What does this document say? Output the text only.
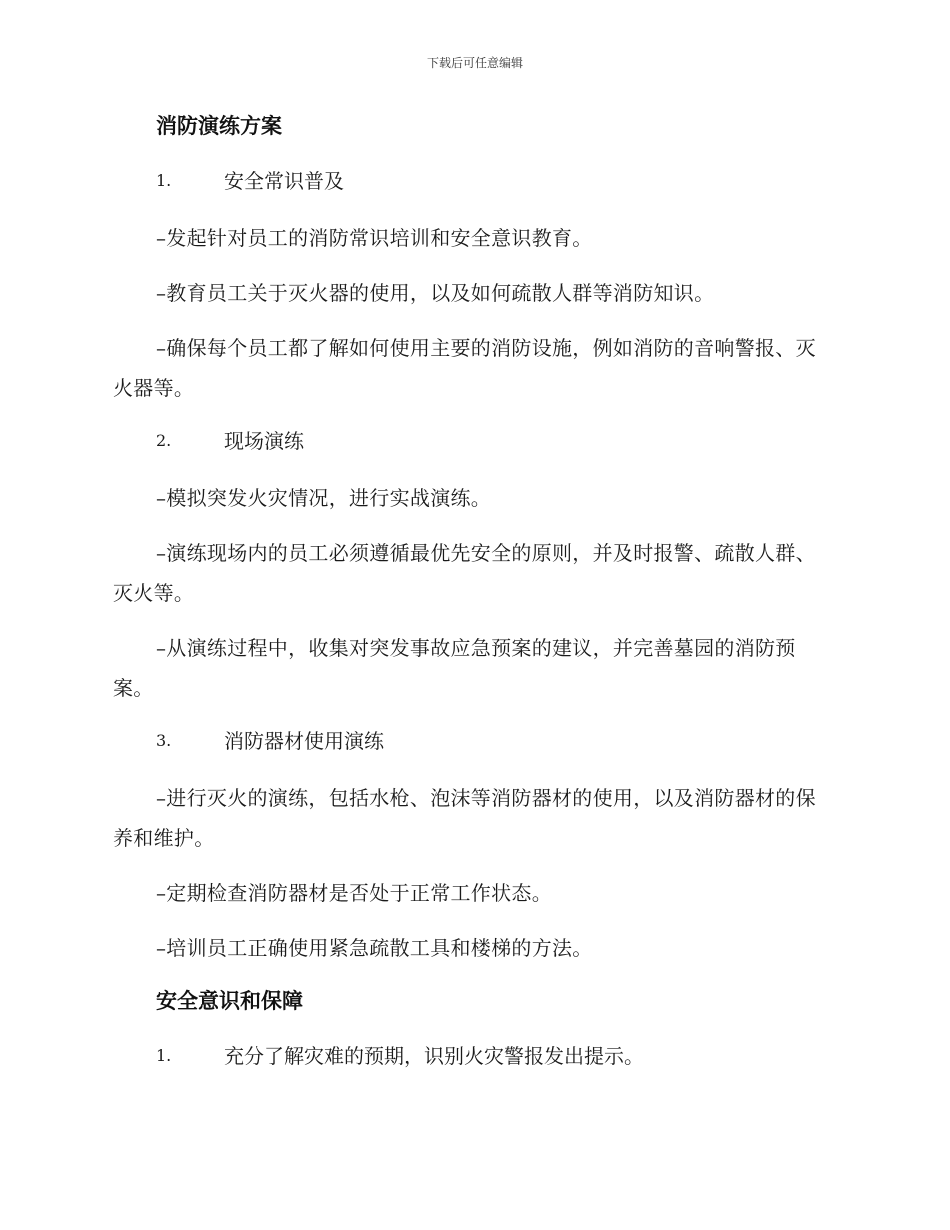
下载后可任意编辑
消防演练方案
1.	安全常识普及
–发起针对员工的消防常识培训和安全意识教育。
–教育员工关于灭火器的使用，以及如何疏散人群等消防知识。
–确保每个员工都了解如何使用主要的消防设施，例如消防的音响警报、灭火器等。
2.	现场演练
–模拟突发火灾情况，进行实战演练。
–演练现场内的员工必须遵循最优先安全的原则，并及时报警、疏散人群、灭火等。
–从演练过程中，收集对突发事故应急预案的建议，并完善墓园的消防预案。
3.	消防器材使用演练
–进行灭火的演练，包括水枪、泡沫等消防器材的使用，以及消防器材的保养和维护。
–定期检查消防器材是否处于正常工作状态。
–培训员工正确使用紧急疏散工具和楼梯的方法。
安全意识和保障
1.	充分了解灾难的预期，识别火灾警报发出提示。
